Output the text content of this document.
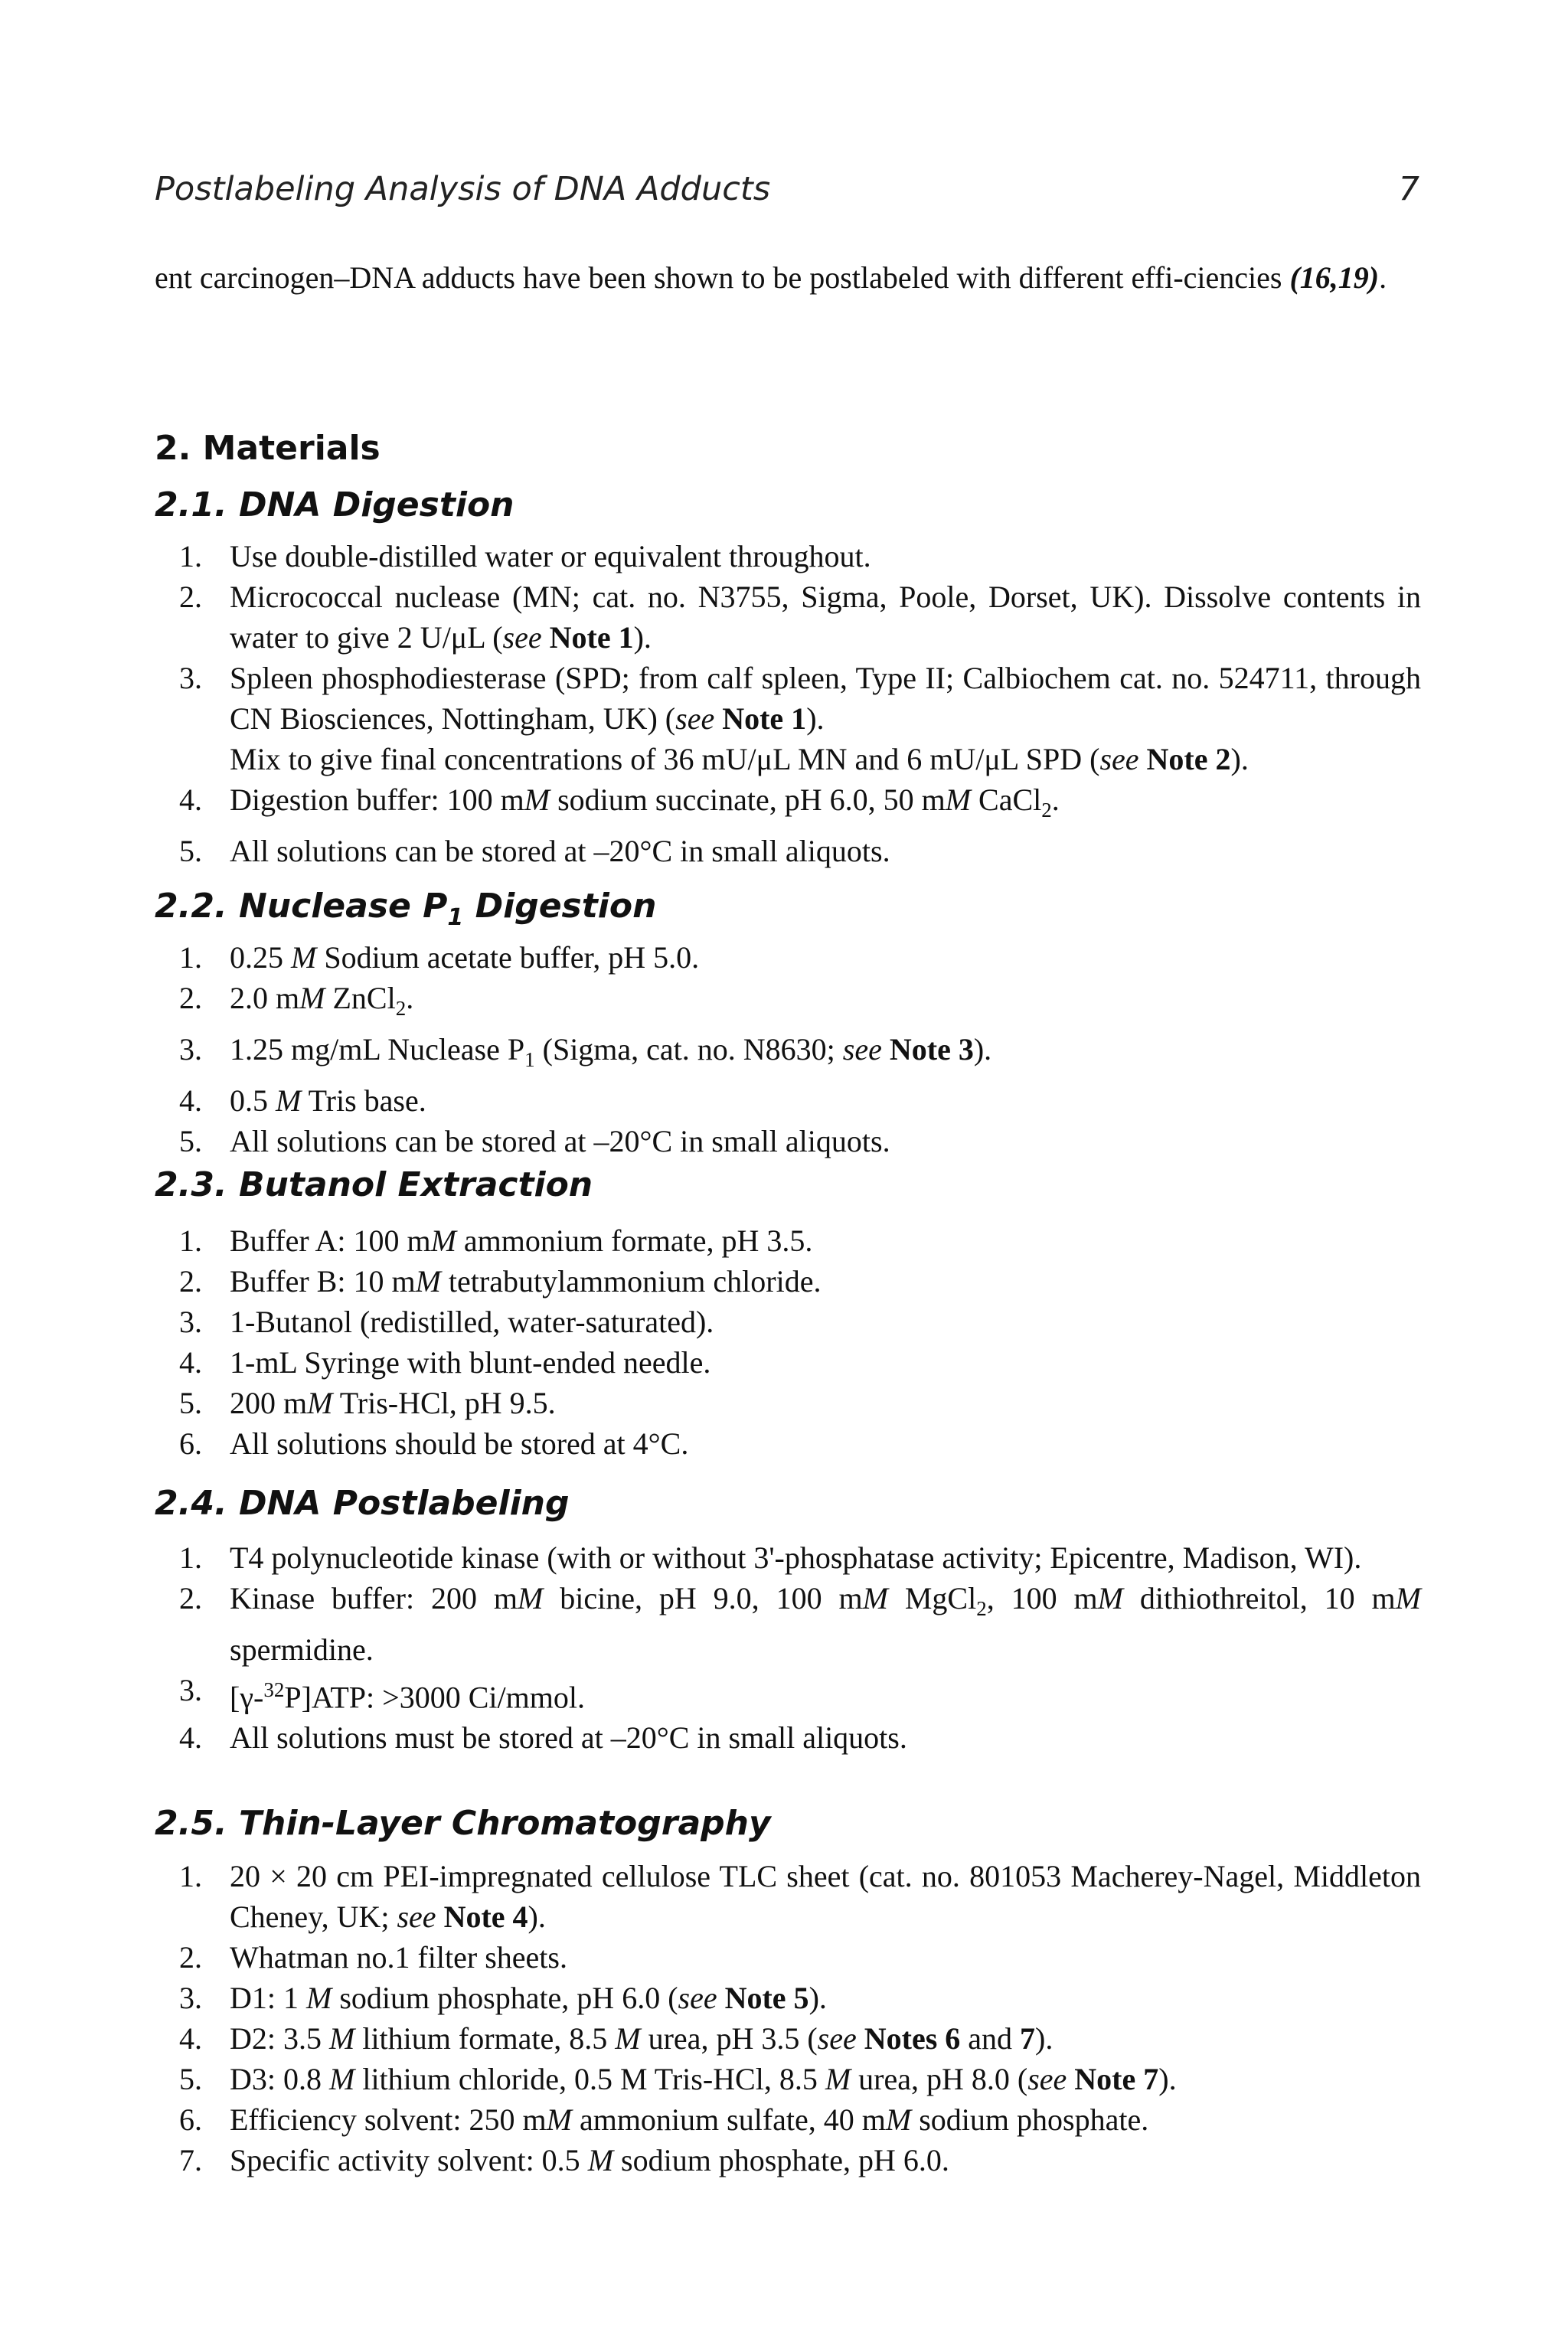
Postlabeling Analysis of DNA Adducts	7
ent carcinogen–DNA adducts have been shown to be postlabeled with different effi-ciencies (16,19).
2. Materials
2.1. DNA Digestion
1. Use double-distilled water or equivalent throughout.
2. Micrococcal nuclease (MN; cat. no. N3755, Sigma, Poole, Dorset, UK). Dissolve contents in water to give 2 U/μL (see Note 1).
3. Spleen phosphodiesterase (SPD; from calf spleen, Type II; Calbiochem cat. no. 524711, through CN Biosciences, Nottingham, UK) (see Note 1).
Mix to give final concentrations of 36 mU/μL MN and 6 mU/μL SPD (see Note 2).
4. Digestion buffer: 100 mM sodium succinate, pH 6.0, 50 mM CaCl$_2$.
5. All solutions can be stored at –20°C in small aliquots.
2.2. Nuclease $P_1$ Digestion
1. 0.25 M Sodium acetate buffer, pH 5.0.
2. 2.0 mM ZnCl$_2$.
3. 1.25 mg/mL Nuclease $P_1$ (Sigma, cat. no. N8630; see Note 3).
4. 0.5 M Tris base.
5. All solutions can be stored at –20°C in small aliquots.
2.3. Butanol Extraction
1. Buffer A: 100 mM ammonium formate, pH 3.5.
2. Buffer B: 10 mM tetrabutylammonium chloride.
3. 1-Butanol (redistilled, water-saturated).
4. 1-mL Syringe with blunt-ended needle.
5. 200 mM Tris-HCl, pH 9.5.
6. All solutions should be stored at 4°C.
2.4. DNA Postlabeling
1. T4 polynucleotide kinase (with or without 3'-phosphatase activity; Epicentre, Madison, WI).
2. Kinase buffer: 200 mM bicine, pH 9.0, 100 mM MgCl$_2$, 100 mM dithiothreitol, 10 mM spermidine.
3. [γ-$^{32}$P]ATP: >3000 Ci/mmol.
4. All solutions must be stored at –20°C in small aliquots.
2.5. Thin-Layer Chromatography
1. 20 × 20 cm PEI-impregnated cellulose TLC sheet (cat. no. 801053 Macherey-Nagel, Middleton Cheney, UK; see Note 4).
2. Whatman no.1 filter sheets.
3. D1: 1 M sodium phosphate, pH 6.0 (see Note 5).
4. D2: 3.5 M lithium formate, 8.5 M urea, pH 3.5 (see Notes 6 and 7).
5. D3: 0.8 M lithium chloride, 0.5 M Tris-HCl, 8.5 M urea, pH 8.0 (see Note 7).
6. Efficiency solvent: 250 mM ammonium sulfate, 40 mM sodium phosphate.
7. Specific activity solvent: 0.5 M sodium phosphate, pH 6.0.
